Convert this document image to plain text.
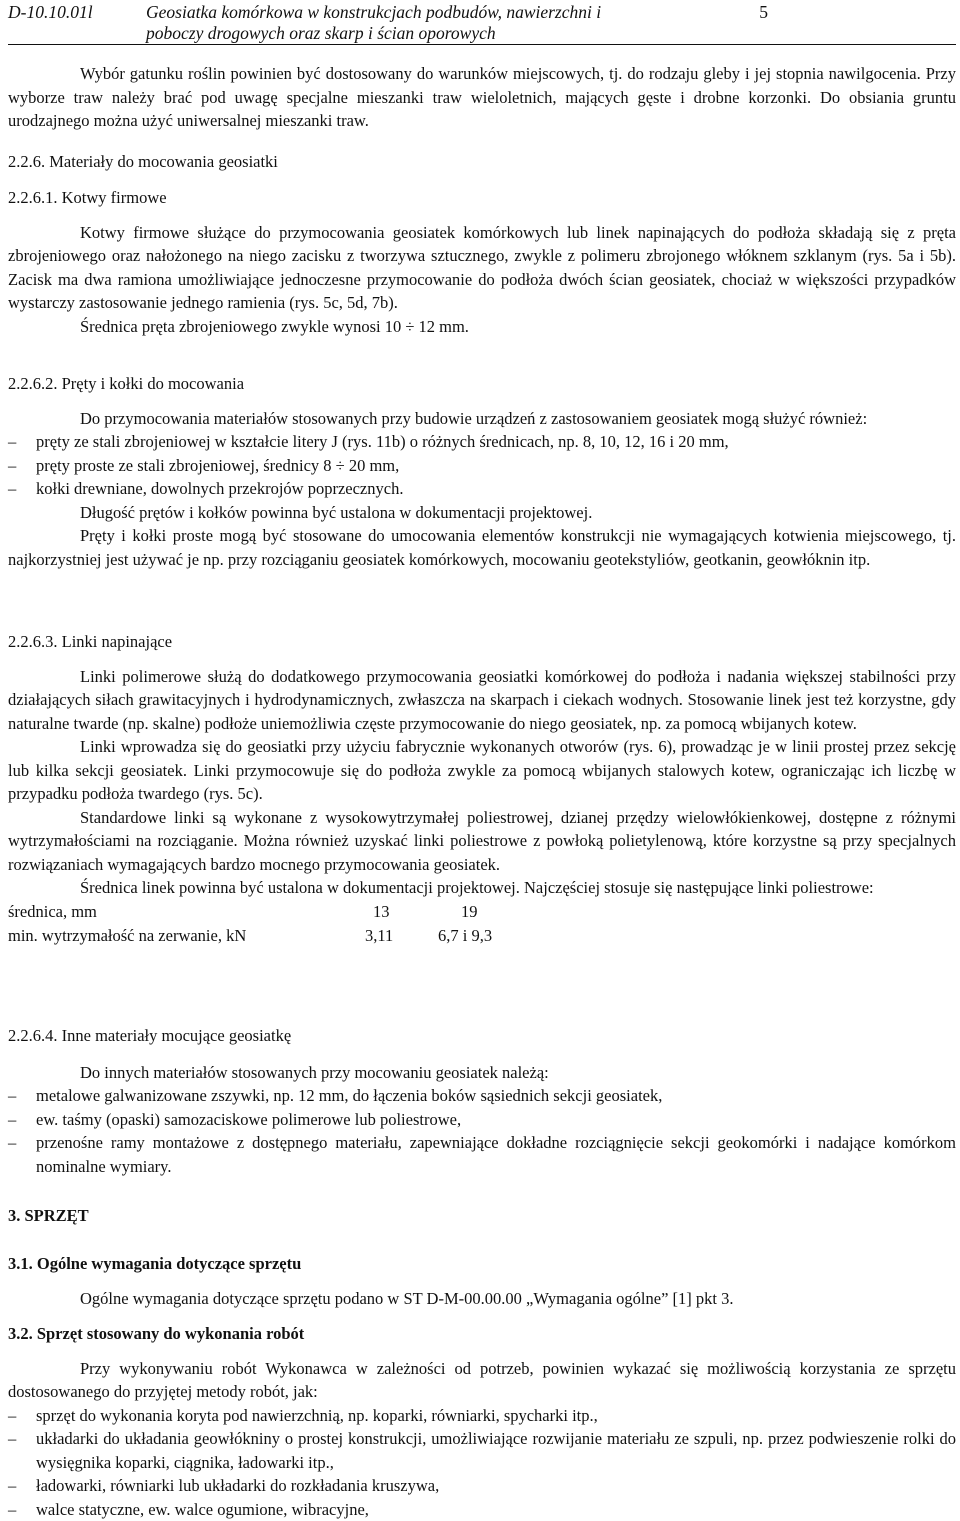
D-10.10.01l	Geosiatka komórkowa w konstrukcjach podbudów, nawierzchni i
poboczy drogowych oraz skarp i ścian oporowych
5

Wybór gatunku roślin powinien być dostosowany do warunków miejscowych, tj. do rodzaju gleby i jej stopnia nawilgocenia. Przy wyborze traw należy brać pod uwagę specjalne mieszanki traw wieloletnich, mających gęste i drobne korzonki. Do obsiania gruntu urodzajnego można użyć uniwersalnej mieszanki traw.

2.2.6. Materiały do mocowania geosiatki

2.2.6.1. Kotwy firmowe

Kotwy firmowe służące do przymocowania geosiatek komórkowych lub linek napinających do podłoża składają się z pręta zbrojeniowego oraz nałożonego na niego zacisku z tworzywa sztucznego, zwykle z polimeru zbrojonego włóknem szklanym (rys. 5a i 5b). Zacisk ma dwa ramiona umożliwiające jednoczesne przymocowanie do podłoża dwóch ścian geosiatek, chociaż w większości przypadków wystarczy zastosowanie jednego ramienia (rys. 5c, 5d, 7b).

Średnica pręta zbrojeniowego zwykle wynosi 10 ÷ 12 mm.

2.2.6.2. Pręty i kołki do mocowania

Do przymocowania materiałów stosowanych przy budowie urządzeń z zastosowaniem geosiatek mogą służyć również:

– pręty ze stali zbrojeniowej w kształcie litery J (rys. 11b) o różnych średnicach, np. 8, 10, 12, 16 i 20 mm,

– pręty proste ze stali zbrojeniowej, średnicy 8 ÷ 20 mm,

– kołki drewniane, dowolnych przekrojów poprzecznych.

Długość prętów i kołków powinna być ustalona w dokumentacji projektowej.

Pręty i kołki proste mogą być stosowane do umocowania elementów konstrukcji nie wymagających kotwienia miejscowego, tj. najkorzystniej jest używać je np. przy rozciąganiu geosiatek komórkowych, mocowaniu geotekstyliów, geotkanin, geowłóknin itp.

2.2.6.3. Linki napinające

Linki polimerowe służą do dodatkowego przymocowania geosiatki komórkowej do podłoża i nadania większej stabilności przy działających siłach grawitacyjnych i hydrodynamicznych, zwłaszcza na skarpach i ciekach wodnych. Stosowanie linek jest też korzystne, gdy naturalne twarde (np. skalne) podłoże uniemożliwia częste przymocowanie do niego geosiatek, np. za pomocą wbijanych kotew.

Linki wprowadza się do geosiatki przy użyciu fabrycznie wykonanych otworów (rys. 6), prowadząc je w linii prostej przez sekcję lub kilka sekcji geosiatek. Linki przymocowuje się do podłoża zwykle za pomocą wbijanych stalowych kotew, ograniczając ich liczbę w przypadku podłoża twardego (rys. 5c).

Standardowe linki są wykonane z wysokowytrzymałej poliestrowej, dzianej przędzy wielowłókienkowej, dostępne z różnymi wytrzymałościami na rozciąganie. Można również uzyskać linki poliestrowe z powłoką polietylenową, które korzystne są przy specjalnych rozwiązaniach wymagających bardzo mocnego przymocowania geosiatek.

Średnica linek powinna być ustalona w dokumentacji projektowej. Najczęściej stosuje się następujące linki poliestrowe:

średnica, mm	13	19
min. wytrzymałość na zerwanie, kN	3,11	6,7 i 9,3

2.2.6.4. Inne materiały mocujące geosiatkę

Do innych materiałów stosowanych przy mocowaniu geosiatek należą:

– metalowe galwanizowane zszywki, np. 12 mm, do łączenia boków sąsiednich sekcji geosiatek,

– ew. taśmy (opaski) samozaciskowe polimerowe lub poliestrowe,

– przenośne ramy montażowe z dostępnego materiału, zapewniające dokładne rozciągnięcie sekcji geokomórki i nadające komórkom nominalne wymiary.

3. SPRZĘT

3.1. Ogólne wymagania dotyczące sprzętu

Ogólne wymagania dotyczące sprzętu podano w ST D-M-00.00.00 „Wymagania ogólne” [1] pkt 3.

3.2. Sprzęt stosowany do wykonania robót

Przy wykonywaniu robót Wykonawca w zależności od potrzeb, powinien wykazać się możliwością korzystania ze sprzętu dostosowanego do przyjętej metody robót, jak:

– sprzęt do wykonania koryta pod nawierzchnią, np. koparki, równiarki, spycharki itp.,

– układarki do układania geowłókniny o prostej konstrukcji, umożliwiające rozwijanie materiału ze szpuli, np. przez podwieszenie rolki do wysięgnika koparki, ciągnika, ładowarki itp.,

– ładowarki, równiarki lub układarki do rozkładania kruszywa,

– walce statyczne, ew. walce ogumione, wibracyjne,
